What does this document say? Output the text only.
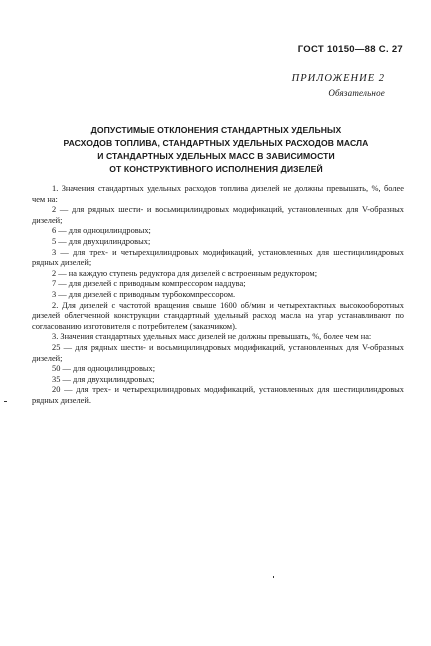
ГОСТ 10150—88 С. 27
ПРИЛОЖЕНИЕ 2
Обязательное
ДОПУСТИМЫЕ ОТКЛОНЕНИЯ СТАНДАРТНЫХ УДЕЛЬНЫХ
РАСХОДОВ ТОПЛИВА, СТАНДАРТНЫХ УДЕЛЬНЫХ РАСХОДОВ МАСЛА
И СТАНДАРТНЫХ УДЕЛЬНЫХ МАСС В ЗАВИСИМОСТИ
ОТ КОНСТРУКТИВНОГО ИСПОЛНЕНИЯ ДИЗЕЛЕЙ

1. Значения стандартных удельных расходов топлива дизелей не должны превышать, %, более чем на:

2 — для рядных шести- и восьмицилиндровых модификаций, установленных для V-образных дизелей;

6 — для одноцилиндровых;

5 — для двухцилиндровых;

3 — для трех- и четырехцилиндровых модификаций, установленных для шестицилиндровых рядных дизелей;

2 — на каждую ступень редуктора для дизелей с встроенным редуктором;

7 — для дизелей с приводным компрессором наддува;

3 — для дизелей с приводным турбокомпрессором.

2. Для дизелей с частотой вращения свыше 1600 об/мин и четырехтактных высокооборотных дизелей облегченной конструкции стандартный удельный расход масла на угар устанавливают по согласованию изготовителя с потребителем (заказчиком).

3. Значения стандартных удельных масс дизелей не должны превышать, %, более чем на:

25 — для рядных шести- и восьмицилиндровых модификаций, установленных для V-образных дизелей;

50 — для одноцилиндровых;

35 — для двухцилиндровых;

20 — для трех- и четырехцилиндровых модификаций, установленных для шестицилиндровых рядных дизелей.
